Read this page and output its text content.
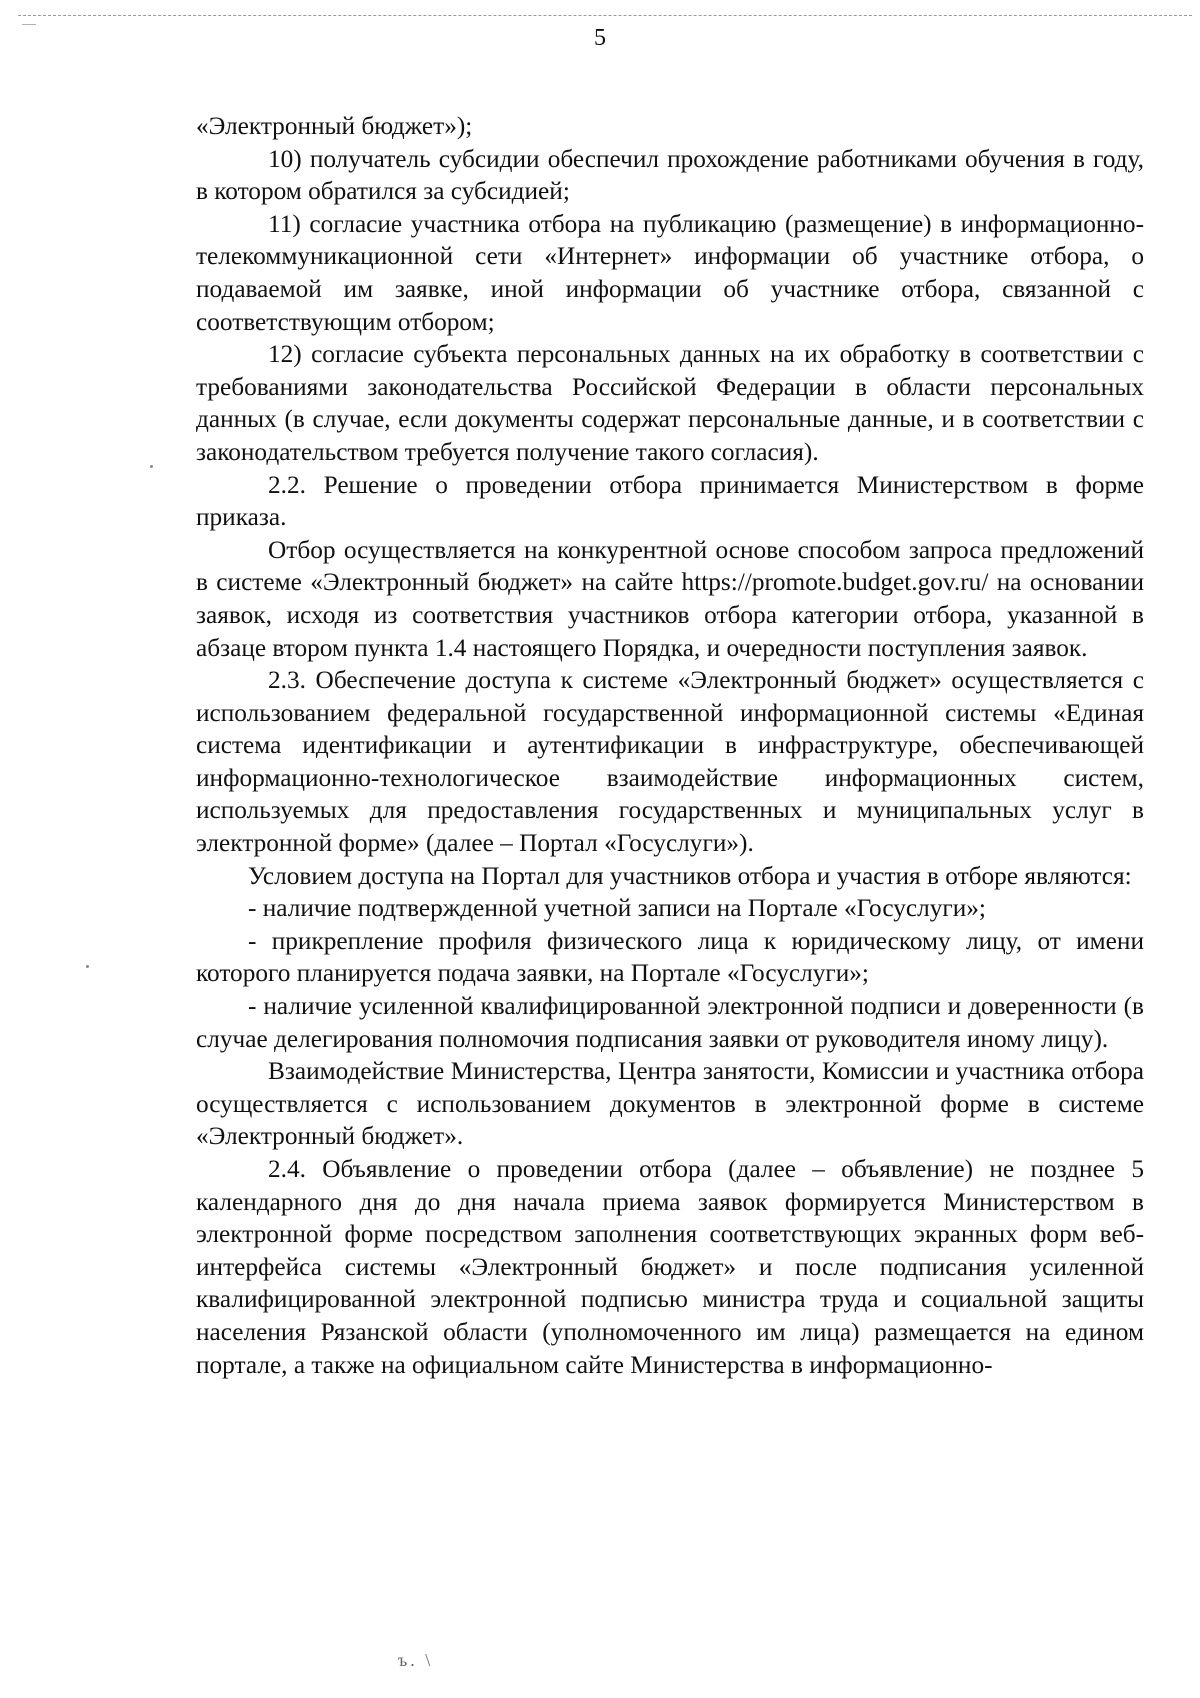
5

«Электронный бюджет»);

10) получатель субсидии обеспечил прохождение работниками обучения в году, в котором обратился за субсидией;

11) согласие участника отбора на публикацию (размещение) в информационно-телекоммуникационной сети «Интернет» информации об участнике отбора, о подаваемой им заявке, иной информации об участнике отбора, связанной с соответствующим отбором;

12) согласие субъекта персональных данных на их обработку в соответствии с требованиями законодательства Российской Федерации в области персональных данных (в случае, если документы содержат персональные данные, и в соответствии с законодательством требуется получение такого согласия).

2.2. Решение о проведении отбора принимается Министерством в форме приказа.

Отбор осуществляется на конкурентной основе способом запроса предложений в системе «Электронный бюджет» на сайте https://promote.budget.gov.ru/ на основании заявок, исходя из соответствия участников отбора категории отбора, указанной в абзаце втором пункта 1.4 настоящего Порядка, и очередности поступления заявок.

2.3. Обеспечение доступа к системе «Электронный бюджет» осуществляется с использованием федеральной государственной информационной системы «Единая система идентификации и аутентификации в инфраструктуре, обеспечивающей информационно-технологическое взаимодействие информационных систем, используемых для предоставления государственных и муниципальных услуг в электронной форме» (далее – Портал «Госуслуги»).

Условием доступа на Портал для участников отбора и участия в отборе являются:

- наличие подтвержденной учетной записи на Портале «Госуслуги»;

- прикрепление профиля физического лица к юридическому лицу, от имени которого планируется подача заявки, на Портале «Госуслуги»;

- наличие усиленной квалифицированной электронной подписи и доверенности (в случае делегирования полномочия подписания заявки от руководителя иному лицу).

Взаимодействие Министерства, Центра занятости, Комиссии и участника отбора осуществляется с использованием документов в электронной форме в системе «Электронный бюджет».

2.4. Объявление о проведении отбора (далее – объявление) не позднее 5 календарного дня до дня начала приема заявок формируется Министерством в электронной форме посредством заполнения соответствующих экранных форм веб-интерфейса системы «Электронный бюджет» и после подписания усиленной квалифицированной электронной подписью министра труда и социальной защиты населения Рязанской области (уполномоченного им лица) размещается на едином портале, а также на официальном сайте Министерства в информационно-

ъ. \
